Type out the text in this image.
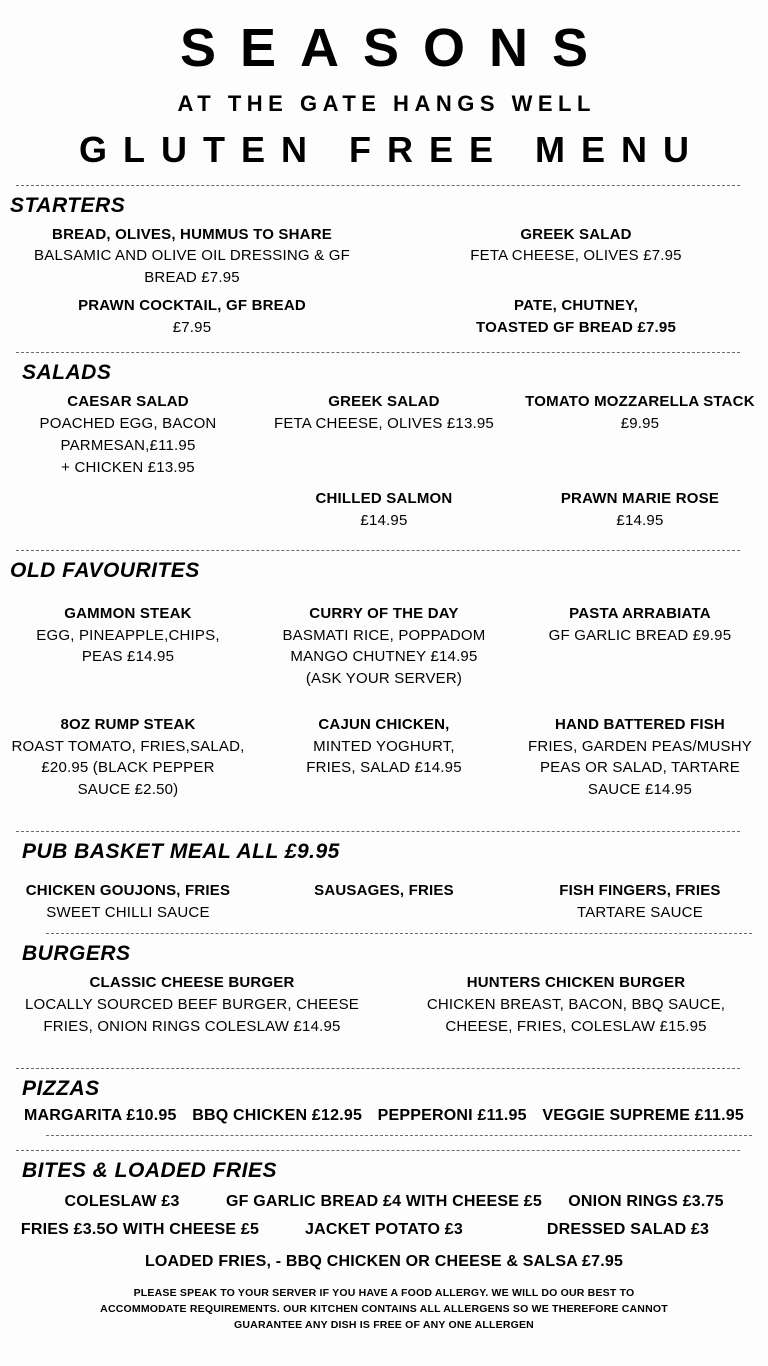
SEASONS
AT THE GATE HANGS WELL
GLUTEN FREE MENU
STARTERS
BREAD, OLIVES, HUMMUS TO SHARE
BALSAMIC AND OLIVE OIL DRESSING & GF BREAD £7.95
GREEK SALAD
FETA CHEESE, OLIVES £7.95
PRAWN COCKTAIL, GF BREAD
£7.95
PATE, CHUTNEY,
TOASTED GF BREAD £7.95
SALADS
CAESAR SALAD
POACHED EGG, BACON
PARMESAN,£11.95
+ CHICKEN £13.95
GREEK SALAD
FETA CHEESE, OLIVES £13.95
TOMATO MOZZARELLA STACK
£9.95
CHILLED SALMON
£14.95
PRAWN MARIE ROSE
£14.95
OLD FAVOURITES
GAMMON STEAK
EGG, PINEAPPLE,CHIPS,
PEAS £14.95
CURRY OF THE DAY
BASMATI RICE, POPPADOM
MANGO CHUTNEY £14.95
(ASK YOUR SERVER)
PASTA ARRABIATA
GF GARLIC BREAD £9.95
8OZ RUMP STEAK
ROAST TOMATO, FRIES,SALAD,
£20.95 (BLACK PEPPER
SAUCE £2.50)
CAJUN CHICKEN,
MINTED YOGHURT,
FRIES, SALAD £14.95
HAND BATTERED FISH
FRIES, GARDEN PEAS/MUSHY
PEAS OR SALAD, TARTARE
SAUCE £14.95
PUB BASKET MEAL ALL £9.95
CHICKEN GOUJONS, FRIES
SWEET CHILLI SAUCE
SAUSAGES, FRIES	FISH FINGERS, FRIES
TARTARE SAUCE
BURGERS
CLASSIC CHEESE BURGER
LOCALLY SOURCED BEEF BURGER, CHEESE
FRIES, ONION RINGS COLESLAW £14.95
HUNTERS CHICKEN BURGER
CHICKEN BREAST, BACON, BBQ SAUCE,
CHEESE, FRIES, COLESLAW £15.95
PIZZAS
MARGARITA £10.95 BBQ CHICKEN £12.95 PEPPERONI £11.95 VEGGIE SUPREME £11.95
BITES & LOADED FRIES
COLESLAW £3	GF GARLIC BREAD £4 WITH CHEESE £5	ONION RINGS £3.75
FRIES £3.5O WITH CHEESE £5	JACKET POTATO £3	DRESSED SALAD £3
LOADED FRIES, - BBQ CHICKEN OR CHEESE & SALSA £7.95
PLEASE SPEAK TO YOUR SERVER IF YOU HAVE A FOOD ALLERGY. WE WILL DO OUR BEST TO
ACCOMMODATE REQUIREMENTS. OUR KITCHEN CONTAINS ALL ALLERGENS SO WE THEREFORE CANNOT
GUARANTEE ANY DISH IS FREE OF ANY ONE ALLERGEN
